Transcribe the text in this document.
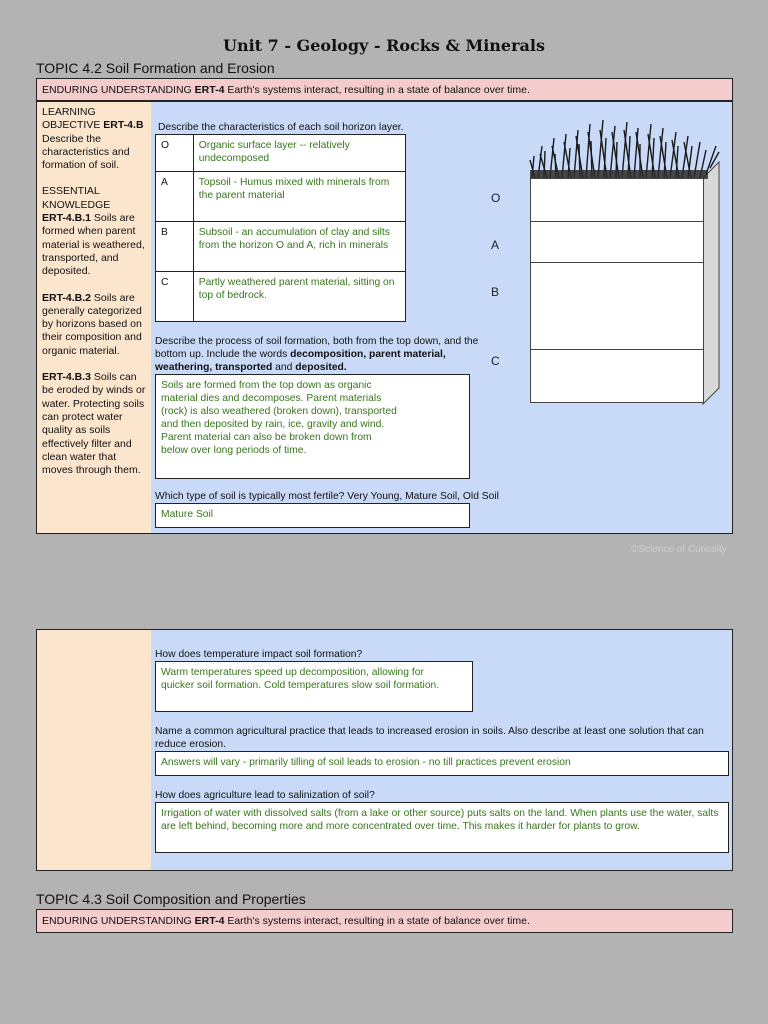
Unit 7 - Geology - Rocks & Minerals
TOPIC 4.2 Soil Formation and Erosion
ENDURING UNDERSTANDING ERT-4 Earth's systems interact, resulting in a state of balance over time.
LEARNING OBJECTIVE ERT-4.B Describe the characteristics and formation of soil.
ESSENTIAL KNOWLEDGE
ERT-4.B.1 Soils are formed when parent material is weathered, transported, and deposited.
ERT-4.B.2 Soils are generally categorized by horizons based on their composition and organic material.
ERT-4.B.3 Soils can be eroded by winds or water. Protecting soils can protect water quality as soils effectively filter and clean water that moves through them.
Describe the characteristics of each soil horizon layer.
O	Organic surface layer -- relatively undecomposed
A	Topsoil - Humus mixed with minerals from the parent material
B	Subsoil - an accumulation of clay and silts from the horizon O and A, rich in minerals
C	Partly weathered parent material, sitting on top of bedrock.
O
A
B
C
Describe the process of soil formation, both from the top down, and the bottom up. Include the words decomposition, parent material, weathering, transported and deposited.
Soils are formed from the top down as organic material dies and decomposes. Parent materials (rock) is also weathered (broken down), transported and then deposited by rain, ice, gravity and wind. Parent material can also be broken down from below over long periods of time.
Which type of soil is typically most fertile? Very Young, Mature Soil, Old Soil
Mature Soil
©Science of Curiosity
How does temperature impact soil formation?
Warm temperatures speed up decomposition, allowing for quicker soil formation. Cold temperatures slow soil formation.
Name a common agricultural practice that leads to increased erosion in soils. Also describe at least one solution that can reduce erosion.
Answers will vary - primarily tilling of soil leads to erosion - no till practices prevent erosion
How does agriculture lead to salinization of soil?
Irrigation of water with dissolved salts (from a lake or other source) puts salts on the land. When plants use the water, salts are left behind, becoming more and more concentrated over time. This makes it harder for plants to grow.
TOPIC 4.3 Soil Composition and Properties
ENDURING UNDERSTANDING ERT-4 Earth's systems interact, resulting in a state of balance over time.
